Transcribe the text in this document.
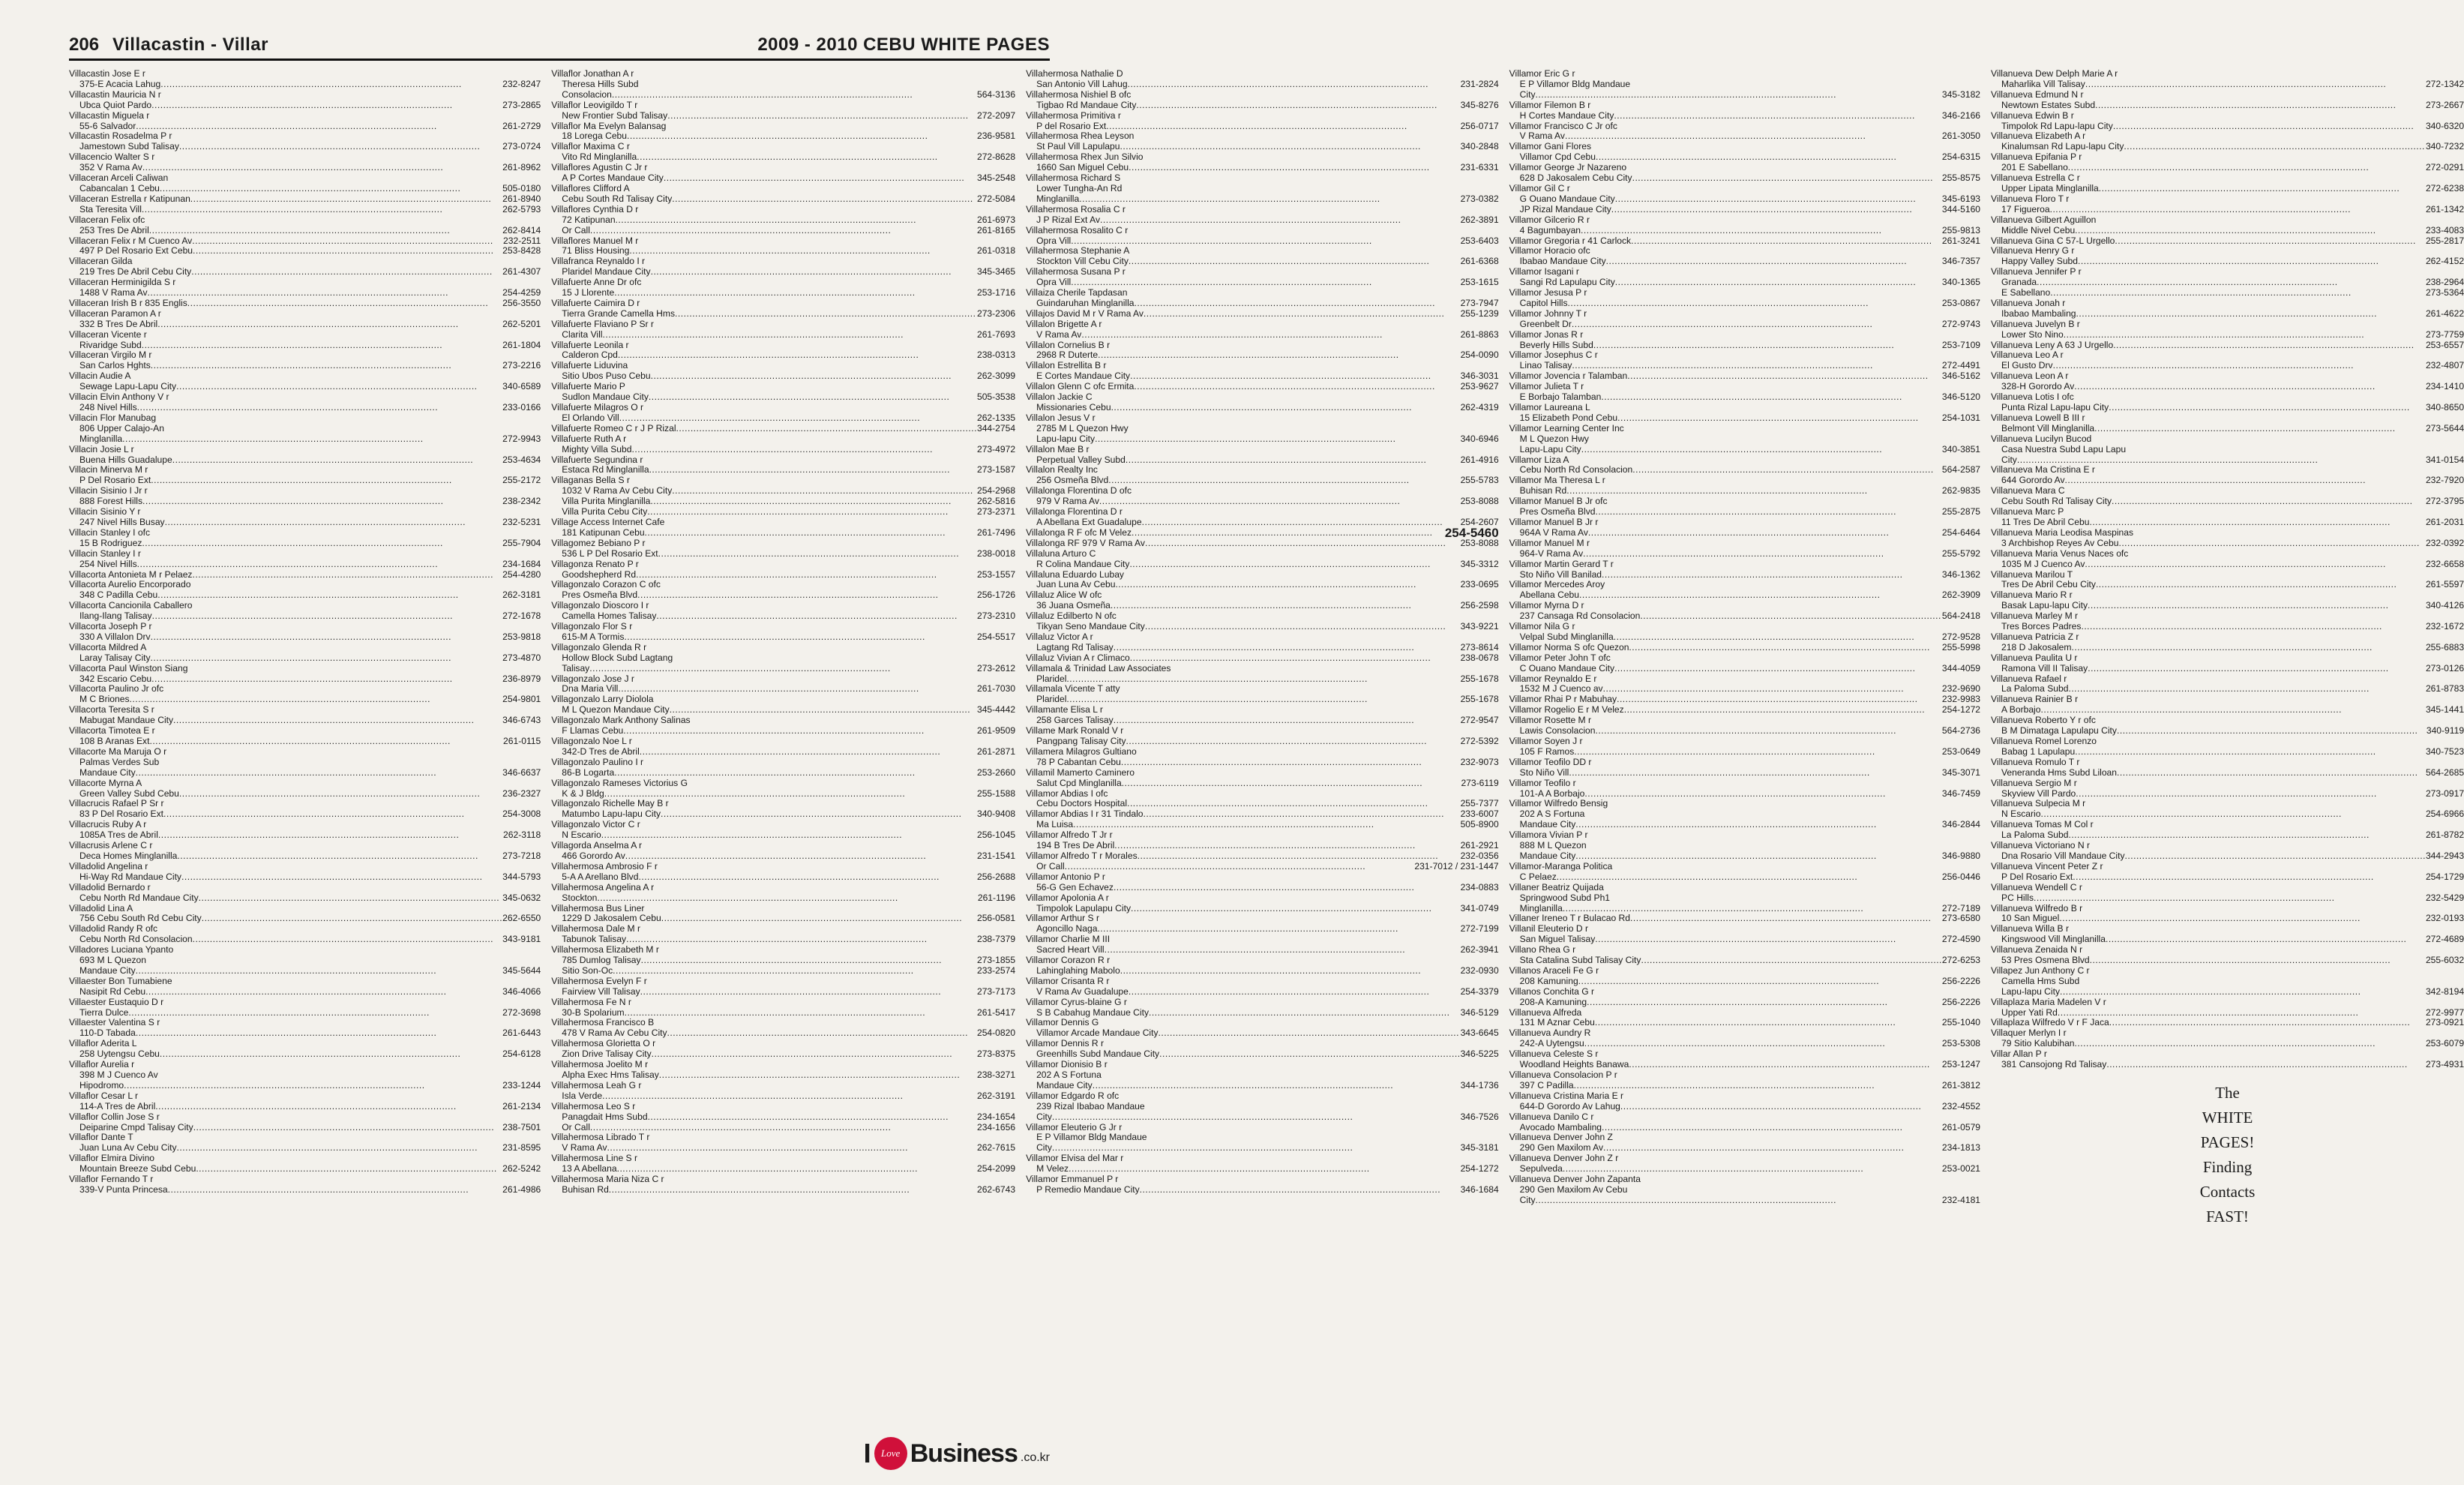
206 Villacastin - Villar	2009 - 2010 CEBU WHITE PAGES
Villacastin Jose E r
375-E Acacia Lahug .....	232-8247
Villacastin Mauricia N r
Ubca Quiot Pardo .....	273-2865
Villacastin Miguela r
55-6 Salvador .....	261-2729
Villacastin Rosadelma P r
Jamestown Subd Talisay .....	273-0724
Villacencio Walter S r
352 V Rama Av .....	261-8962
Villaceran Arceli Caliwan
Cabancalan 1 Cebu .....	505-0180
Villaceran Estrella r Katipunan .....	261-8940
Sta Teresita Vill .....	262-5793
Villaceran Felix ofc
253 Tres De Abril .....	262-8414
Villaceran Felix r M Cuenco Av .....	232-2511
497 P Del Rosario Ext Cebu .....	253-8428
Villaceran Gilda
219 Tres De Abril Cebu City .....	261-4307
Villaceran Herminigilda S r
1488 V Rama Av .....	254-4259
Villaceran Irish B r 835 Englis .....	256-3550
Villaceran Paramon A r
332 B Tres De Abril .....	262-5201
Villaceran Vicente r
Rivaridge Subd .....	261-1804
Villaceran Virgilo M r
San Carlos Hghts .....	273-2216
Villacin Audie A
Sewage Lapu-Lapu City .....	340-6589
Villacin Elvin Anthony V r
248 Nivel Hills .....	233-0166
Villacin Flor Manubag
806 Upper Calajo-An
Minglanilla .....	272-9943
Villacin Josie L r
Buena Hills Guadalupe .....	253-4634
Villacin Minerva M r
P Del Rosario Ext .....	255-2172
Villacin Sisinio I Jr r
888 Forest Hills .....	238-2342
Villacin Sisinio Y r
247 Nivel Hills Busay .....	232-5231
Villacin Stanley I ofc
15 B Rodriguez .....	255-7904
Villacin Stanley I r
254 Nivel Hills .....	234-1684
Villacorta Antonieta M r Pelaez .....	254-4280
Villacorta Aurelio Encorporado
348 C Padilla Cebu .....	262-3181
Villacorta Cancionila Caballero
Ilang-Ilang Talisay .....	272-1678
Villacorta Joseph P r
330 A Villalon Drv .....	253-9818
Villacorta Mildred A
Laray Talisay City .....	273-4870
Villacorta Paul Winston Siang
342 Escario Cebu .....	236-8979
Villacorta Paulino Jr ofc
M C Briones .....	254-9801
Villacorta Teresita S r
Mabugat Mandaue City .....	346-6743
Villacorta Timotea E r
108 B Aranas Ext .....	261-0115
Villacorte Ma Maruja O r
Palmas Verdes Sub
Mandaue City .....	346-6637
Villacorte Myrna A
Green Valley Subd Cebu .....	236-2327
Villacrucis Rafael P Sr r
83 P Del Rosario Ext .....	254-3008
Villacrucis Ruby A r
1085A Tres de Abril .....	262-3118
Villacrusis Arlene C r
Deca Homes Minglanilla .....	273-7218
Villadolid Angelina r
Hi-Way Rd Mandaue City .....	344-5793
Villadolid Bernardo r
Cebu North Rd Mandaue City .....	345-0632
Villadolid Lina A
756 Cebu South Rd Cebu City .....	262-6550
Villadolid Randy R ofc
Cebu North Rd Consolacion .....	343-9181
Villadores Luciana Ypanto
693 M L Quezon
Mandaue City .....	345-5644
Villaester Bon Tumabiene
Nasipit Rd Cebu .....	346-4066
Villaester Eustaquio D r
Tierra Dulce .....	272-3698
Villaester Valentina S r
110-D Tabada .....	261-6443
Villaflor Aderita L
258 Uytengsu Cebu .....	254-6128
Villaflor Aurelia r
398 M J Cuenco Av
Hipodromo .....	233-1244
Villaflor Cesar L r
114-A Tres de Abril .....	261-2134
Villaflor Collin Jose S r
Deiparine Cmpd Talisay City .....	238-7501
Villaflor Dante T
Juan Luna Av Cebu City .....	231-8595
Villaflor Elmira Divino
Mountain Breeze Subd Cebu .....	262-5242
Villaflor Fernando T r
339-V Punta Princesa .....	261-4986
Villaflor Jonathan A r
Theresa Hills Subd
Consolacion .....	564-3136
Villaflor Leovigildo T r
New Frontier Subd Talisay .....	272-2097
Villaflor Ma Evelyn Balansag
18 Lorega Cebu .....	236-9581
Villaflor Maxima C r
Vito Rd Minglanilla .....	272-8628
Villaflores Agustin C Jr r
A P Cortes Mandaue City .....	345-2548
Villaflores Clifford A
Cebu South Rd Talisay City .....	272-5084
Villaflores Cynthia D r
72 Katipunan .....	261-6973
Or Call .....	261-8165
Villaflores Manuel M r
71 Bliss Housing .....	261-0318
Villafranca Reynaldo I r
Plaridel Mandaue City .....	345-3465
Villafuerte Anne Dr ofc
15 J Llorente .....	253-1716
Villafuerte Caimira D r
Tierra Grande Camella Hms .....	273-2306
Villafuerte Flaviano P Sr r
Clarita Vill .....	261-7693
Villafuerte Leonila r
Calderon Cpd .....	238-0313
Villafuerte Liduvina
Sitio Ubos Puso Cebu .....	262-3099
Villafuerte Mario P
Sudlon Mandaue City .....	505-3538
Villafuerte Milagros O r
El Orlando Vill .....	262-1335
Villafuerte Romeo C r J P Rizal .....	344-2754
Villafuerte Ruth A r
Mighty Villa Subd .....	273-4972
Villafuerte Segundina r
Estaca Rd Minglanilla .....	273-1587
Villaganas Bella S r
1032 V Rama Av Cebu City .....	254-2968
Villa Purita Minglanilla .....	262-5816
Villa Purita Cebu City .....	273-2371
Village Access Internet Cafe
181 Katipunan Cebu .....	261-7496
Villagomez Bebiano P r
536 L P Del Rosario Ext .....	238-0018
Villagonza Renato P r
Goodshepherd Rd .....	253-1557
Villagonzalo Corazon C ofc
Pres Osmeña Blvd .....	256-1726
Villagonzalo Dioscoro I r
Camella Homes Talisay .....	273-2310
Villagonzalo Flor S r
615-M A Tormis .....	254-5517
Villagonzalo Glenda R r
Hollow Block Subd Lagtang
Talisay .....	273-2612
Villagonzalo Jose J r
Dna Maria Vill .....	261-7030
Villagonzalo Larry Diolola
M L Quezon Mandaue City .....	345-4442
Villagonzalo Mark Anthony Salinas
F Llamas Cebu .....	261-9509
Villagonzalo Noe L r
342-D Tres de Abril .....	261-2871
Villagonzalo Paulino I r
86-B Logarta .....	253-2660
Villagonzalo Rameses Victorius G
K & J Bldg .....	255-1588
Villagonzalo Richelle May B r
Matumbo Lapu-lapu City .....	340-9408
Villagonzalo Victor C r
N Escario .....	256-1045
Villagorda Anselma A r
466 Gorordo Av .....	231-1541
Villahermosa Ambrosio F r
5-A A Arellano Blvd .....	256-2688
Villahermosa Angelina A r
Stockton .....	261-1196
Villahermosa Bus Liner
1229 D Jakosalem Cebu .....	256-0581
Villahermosa Dale M r
Tabunok Talisay .....	238-7379
Villahermosa Elizabeth M r
785 Dumlog Talisay .....	273-1855
Sitio Son-Oc .....	233-2574
Villahermosa Evelyn F r
Fairview Vill Talisay .....	273-7173
Villahermosa Fe N r
30-B Spolarium .....	261-5417
Villahermosa Francisco B
478 V Rama Av Cebu City .....	254-0820
Villahermosa Glorietta O r
Zion Drive Talisay City .....	273-8375
Villahermosa Joelito M r
Alpha Exec Hms Talisay .....	238-3271
Villahermosa Leah G r
Isla Verde .....	262-3191
Villahermosa Leo S r
Panagdait Hms Subd .....	234-1654
Or Call .....	234-1656
Villahermosa Librado T r
V Rama Av .....	262-7615
Villahermosa Line S r
13 A Abellana .....	254-2099
Villahermosa Maria Niza C r
Buhisan Rd .....	262-6743
Villahermosa Nathalie D
San Antonio Vill Lahug .....	231-2824
Villahermosa Nishiel B ofc
Tigbao Rd Mandaue City .....	345-8276
Villahermosa Primitiva r
P del Rosario Ext .....	256-0717
Villahermosa Rhea Leyson
St Paul Vill Lapulapu .....	340-2848
Villahermosa Rhex Jun Silvio
1660 San Miguel Cebu .....	231-6331
Villahermosa Richard S
Lower Tungha-An Rd
Minglanilla .....	273-0382
Villahermosa Rosalia C r
J P Rizal Ext Av .....	262-3891
Villahermosa Rosalito C r
Opra Vill .....	253-6403
Villahermosa Stephanie A
Stockton Vill Cebu City .....	261-6368
Villahermosa Susana P r
Opra Vill .....	253-1615
Villaiza Cherile Tapdasan
Guindaruhan Minglanilla .....	273-7947
Villajos David M r V Rama Av .....	255-1239
Villalon Brigette A r
V Rama Av .....	261-8863
Villalon Cornelius B r
2968 R Duterte .....	254-0090
Villalon Estrellita B r
E Cortes Mandaue City .....	346-3031
Villalon Glenn C ofc Ermita .....	253-9627
Villalon Jackie C
Missionaries Cebu .....	262-4319
Villalon Jesus V r
2785 M L Quezon Hwy
Lapu-lapu City .....	340-6946
Villalon Mae B r
Perpetual Valley Subd .....	261-4916
Villalon Realty Inc
256 Osmeña Blvd .....	255-5783
Villalonga Florentina D ofc
979 V Rama Av .....	253-8088
Villalonga Florentina D r
A Abellana Ext Guadalupe .....	254-2607
Villalonga R F ofc M Velez .....	254-5460
Villalonga RF 979 V Rama Av .....	253-8088
Villaluna Arturo C
R Colina Mandaue City .....	345-3312
Villaluna Eduardo Lubay
Juan Luna Av Cebu .....	233-0695
Villaluz Alice W ofc
36 Juana Osmeña .....	256-2598
Villaluz Edilberto N ofc
Tikyan Seno Mandaue City .....	343-9221
Villaluz Victor A r
Lagtang Rd Talisay .....	273-8614
Villaluz Vivian A r Climaco .....	238-0678
Villamala & Trinidad Law Associates
Plaridel .....	255-1678
Villamala Vicente T atty
Plaridel .....	255-1678
Villamante Elisa L r
258 Garces Talisay .....	272-9547
Villame Mark Ronald V r
Pangpang Talisay City .....	272-5392
Villamera Milagros Gultiano
78 P Cabantan Cebu .....	232-9073
Villamil Mamerto Caminero
Salut Cpd Minglanilla .....	273-6119
Villamor Abdias I ofc
Cebu Doctors Hospital .....	255-7377
Villamor Abdias I r 31 Tindalo .....	233-6007
Ma Luisa .....	505-8900
Villamor Alfredo T Jr r
194 B Tres De Abril .....	261-2921
Villamor Alfredo T r Morales .....	232-0356
Or Call .....	231-7012 / 231-1447
Villamor Antonio P r
56-G Gen Echavez .....	234-0883
Villamor Apolonia A r
Timpolok Lapulapu City .....	341-0749
Villamor Arthur S r
Agoncillo Naga .....	272-7199
Villamor Charlie M III
Sacred Heart Vill .....	262-3941
Villamor Corazon R r
Lahinglahing Mabolo .....	232-0930
Villamor Crisanta R r
V Rama Av Guadalupe .....	254-3379
Villamor Cyrus-blaine G r
S B Cabahug Mandaue City .....	346-5129
Villamor Dennis G
Villamor Arcade Mandaue City .....	343-6645
Villamor Dennis R r
Greenhills Subd Mandaue City .....	346-5225
Villamor Dionisio B r
202 A S Fortuna
Mandaue City .....	344-1736
Villamor Edgardo R ofc
239 Rizal Ibabao Mandaue
City .....	346-7526
Villamor Eleuterio G Jr r
E P Villamor Bldg Mandaue
City .....	345-3181
Villamor Elvisa del Mar r
M Velez .....	254-1272
Villamor Emmanuel P r
P Remedio Mandaue City .....	346-1684
Villamor Eric G r
E P Villamor Bldg Mandaue
City .....	345-3182
Villamor Filemon B r
H Cortes Mandaue City .....	346-2166
Villamor Francisco C Jr ofc
V Rama Av .....	261-3050
Villamor Gani Flores
Villamor Cpd Cebu .....	254-6315
Villamor George Jr Nazareno
628 D Jakosalem Cebu City .....	255-8575
Villamor Gil C r
G Ouano Mandaue City .....	345-6193
JP Rizal Mandaue City .....	344-5160
Villamor Gilcerio R r
4 Bagumbayan .....	255-9813
Villamor Gregoria r 41 Carlock .....	261-3241
Villamor Horacio ofc
Ibabao Mandaue City .....	346-7357
Villamor Isagani r
Sangi Rd Lapulapu City .....	340-1365
Villamor Jesusa P r
Capitol Hills .....	253-0867
Villamor Johnny T r
Greenbelt Dr .....	272-9743
Villamor Jonas R r
Beverly Hills Subd .....	253-7109
Villamor Josephus C r
Linao Talisay .....	272-4491
Villamor Jovencia r Talamban .....	346-5162
Villamor Julieta T r
E Borbajo Talamban .....	346-5120
Villamor Laureana L
15 Elizabeth Pond Cebu .....	254-1031
Villamor Learning Center Inc
M L Quezon Hwy
Lapu-Lapu City .....	340-3851
Villamor Liza A
Cebu North Rd Consolacion .....	564-2587
Villamor Ma Theresa L r
Buhisan Rd .....	262-9835
Villamor Manuel B Jr ofc
Pres Osmeña Blvd .....	255-2875
Villamor Manuel B Jr r
964A V Rama Av .....	254-6464
Villamor Manuel M r
964-V Rama Av .....	255-5792
Villamor Martin Gerard T r
Sto Niño Vill Banilad .....	346-1362
Villamor Mercedes Aroy
Abellana Cebu .....	262-3909
Villamor Myrna D r
237 Cansaga Rd Consolacion .....	564-2418
Villamor Nila G r
Velpal Subd Minglanilla .....	272-9528
Villamor Norma S ofc Quezon .....	255-5998
Villamor Peter John T ofc
C Ouano Mandaue City .....	344-4059
Villamor Reynaldo E r
1532 M J Cuenco av .....	232-9690
Villamor Rhai P r Mabuhay .....	232-9983
Villamor Rogelio E r M Velez .....	254-1272
Villamor Rosette M r
Lawis Consolacion .....	564-2736
Villamor Soyen J r
105 F Ramos .....	253-0649
Villamor Teofilo DD r
Sto Niño Vill .....	345-3071
Villamor Teofilo r
101-A A Borbajo .....	346-7459
Villamor Wilfredo Bensig
202 A S Fortuna
Mandaue City .....	346-2844
Villamora Vivian P r
888 M L Quezon
Mandaue City .....	346-9880
Villamor-Maranga Politica
C Pelaez .....	256-0446
Villaner Beatriz Quijada
Springwood Subd Ph1
Minglanilla .....	272-7189
Villaner Ireneo T r Bulacao Rd .....	273-6580
Villanil Eleuterio D r
San Miguel Talisay .....	272-4590
Villano Rhea G r
Sta Catalina Subd Talisay City .....	272-6253
Villanos Araceli Fe G r
208 Kamuning .....	256-2226
Villanos Conchita G r
208-A Kamuning .....	256-2226
Villanueva Alfreda
131 M Aznar Cebu .....	255-1040
Villanueva Aundry R
242-A Uytengsu .....	253-5308
Villanueva Celeste S r
Woodland Heights Banawa .....	253-1247
Villanueva Consolacion P r
397 C Padilla .....	261-3812
Villanueva Cristina Maria E r
644-D Gorordo Av Lahug .....	232-4552
Villanueva Danilo C r
Avocado Mambaling .....	261-0579
Villanueva Denver John Z
290 Gen Maxilom Av .....	234-1813
Villanueva Denver John Z r
Sepulveda .....	253-0021
Villanueva Denver John Zapanta
290 Gen Maxilom Av Cebu
City .....	232-4181
Villanueva Dew Delph Marie A r
Maharlika Vill Talisay .....	272-1342
Villanueva Edmund N r
Newtown Estates Subd .....	273-2667
Villanueva Edwin B r
Timpolok Rd Lapu-lapu City .....	340-6320
Villanueva Elizabeth A r
Kinalumsan Rd Lapu-lapu City .....	340-7232
Villanueva Epifania P r
201 E Sabellano .....	272-0291
Villanueva Estrella C r
Upper Lipata Minglanilla .....	272-6238
Villanueva Floro T r
17 Figueroa .....	261-1342
Villanueva Gilbert Aguillon
Middle Nivel Cebu .....	233-4083
Villanueva Gina C 57-L Urgello .....	255-2817
Villanueva Henry G r
Happy Valley Subd .....	262-4152
Villanueva Jennifer P r
Granada .....	238-2964
E Sabellano .....	273-5364
Villanueva Jonah r
Ibabao Mambaling .....	261-4622
Villanueva Juvelyn B r
Lower Sto Nino .....	273-7759
Villanueva Leny A 63 J Urgello .....	253-6557
Villanueva Leo A r
El Gusto Drv .....	232-4807
Villanueva Leon A r
328-H Gorordo Av .....	234-1410
Villanueva Lotis I ofc
Punta Rizal Lapu-lapu City .....	340-8650
Villanueva Lowell B III r
Belmont Vill Minglanilla .....	273-5644
Villanueva Lucilyn Bucod
Casa Nuestra Subd Lapu Lapu
City .....	341-0154
Villanueva Ma Cristina E r
644 Gorordo Av .....	232-7920
Villanueva Mara C
Cebu South Rd Talisay City .....	272-3795
Villanueva Marc P
11 Tres De Abril Cebu .....	261-2031
Villanueva Maria Leodisa Maspinas
3 Archbishop Reyes Av Cebu .....	232-0392
Villanueva Maria Venus Naces ofc
1035 M J Cuenco Av .....	232-6658
Villanueva Marilou T
Tres De Abril Cebu City .....	261-5597
Villanueva Mario R r
Basak Lapu-lapu City .....	340-4126
Villanueva Marley M r
Tres Borces Padres .....	232-1672
Villanueva Patricia Z r
218 D Jakosalem .....	255-6883
Villanueva Paulita U r
Ramona Vill II Talisay .....	273-0126
Villanueva Rafael r
La Paloma Subd .....	261-8783
Villanueva Rainier B r
A Borbajo .....	345-1441
Villanueva Roberto Y r ofc
B M Dimataga Lapulapu City .....	340-9119
Villanueva Romel Lorenzo
Babag 1 Lapulapu .....	340-7523
Villanueva Romulo T r
Veneranda Hms Subd Liloan .....	564-2685
Villanueva Sergio M r
Skyview Vill Pardo .....	273-0917
Villanueva Sulpecia M r
N Escario .....	254-6966
Villanueva Tomas M Col r
La Paloma Subd .....	261-8782
Villanueva Victoriano N r
Dna Rosario Vill Mandaue City .....	344-2943
Villanueva Vincent Peter Z r
P Del Rosario Ext .....	254-1729
Villanueva Wendell C r
PC Hills .....	232-5429
Villanueva Wilfredo B r
10 San Miguel .....	232-0193
Villanueva Willa B r
Kingswood Vill Minglanilla .....	272-4689
Villanueva Zenaida N r
53 Pres Osmena Blvd .....	255-6032
Villapez Jun Anthony C r
Camella Hms Subd
Lapu-lapu City .....	342-8194
Villaplaza Maria Madelen V r
Upper Yati Rd .....	272-9977
Villaplaza Wilfredo V r F Jaca .....	273-0921
Villaquer Merlyn I r
79 Sitio Kalubihan .....	253-6079
Villar Allan P r
381 Cansojong Rd Talisay .....	273-4931
The
WHITE
PAGES!
Finding
Contacts
FAST!
I	Love Business .co.kr
